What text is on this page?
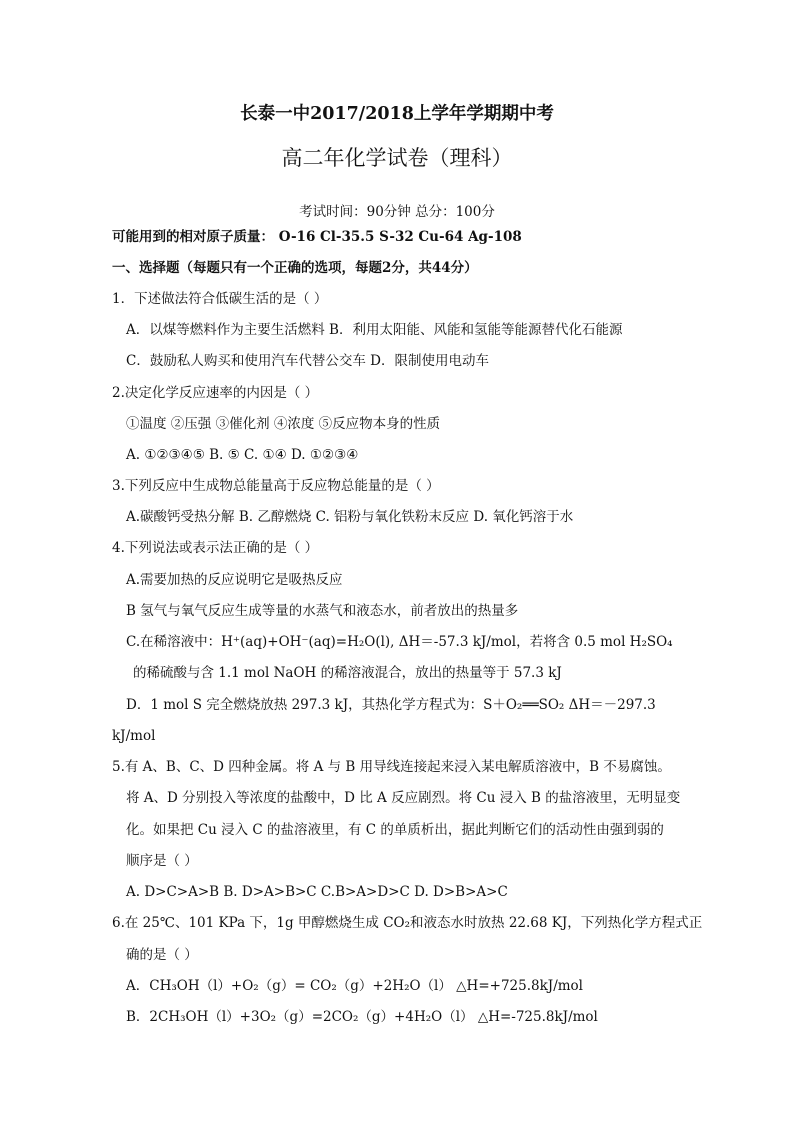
长泰一中2017/2018上学年学期期中考
高二年化学试卷（理科）
考试时间：90分钟 总分：100分
可能用到的相对原子质量： O-16 Cl-35.5 S-32 Cu-64 Ag-108
一、选择题（每题只有一个正确的选项，每题2分，共44分）
1．下述做法符合低碳生活的是（ ）
A．以煤等燃料作为主要生活燃料 B．利用太阳能、风能和氢能等能源替代化石能源
C．鼓励私人购买和使用汽车代替公交车 D．限制使用电动车
2.决定化学反应速率的内因是（ ）
①温度 ②压强 ③催化剂 ④浓度 ⑤反应物本身的性质
A. ①②③④⑤ B. ⑤ C. ①④ D. ①②③④
3.下列反应中生成物总能量高于反应物总能量的是（ ）
A.碳酸钙受热分解 B. 乙醇燃烧 C. 铝粉与氧化铁粉末反应 D. 氧化钙溶于水
4.下列说法或表示法正确的是（ ）
A.需要加热的反应说明它是吸热反应
B 氢气与氧气反应生成等量的水蒸气和液态水，前者放出的热量多
C.在稀溶液中：H⁺(aq)+OH⁻(aq)=H₂O(l), ΔH＝-57.3 kJ/mol，若将含 0.5 mol H₂SO₄
的稀硫酸与含 1.1 mol NaOH 的稀溶液混合，放出的热量等于 57.3 kJ
D．1 mol S 完全燃烧放热 297.3 kJ，其热化学方程式为：S＋O₂══SO₂ ΔH＝－297.3
kJ/mol
5.有 A、B、C、D 四种金属。将 A 与 B 用导线连接起来浸入某电解质溶液中，B 不易腐蚀。
将 A、D 分别投入等浓度的盐酸中，D 比 A 反应剧烈。将 Cu 浸入 B 的盐溶液里，无明显变
化。如果把 Cu 浸入 C 的盐溶液里，有 C 的单质析出，据此判断它们的活动性由强到弱的
顺序是（ ）
A. D>C>A>B B. D>A>B>C C.B>A>D>C D. D>B>A>C
6.在 25℃、101 KPa 下，1g 甲醇燃烧生成 CO₂和液态水时放热 22.68 KJ，下列热化学方程式正
确的是（ ）
A．CH₃OH（l）+O₂（g）= CO₂（g）+2H₂O（l） △H=+725.8kJ/mol
B．2CH₃OH（l）+3O₂（g）=2CO₂（g）+4H₂O（l） △H=-725.8kJ/mol
